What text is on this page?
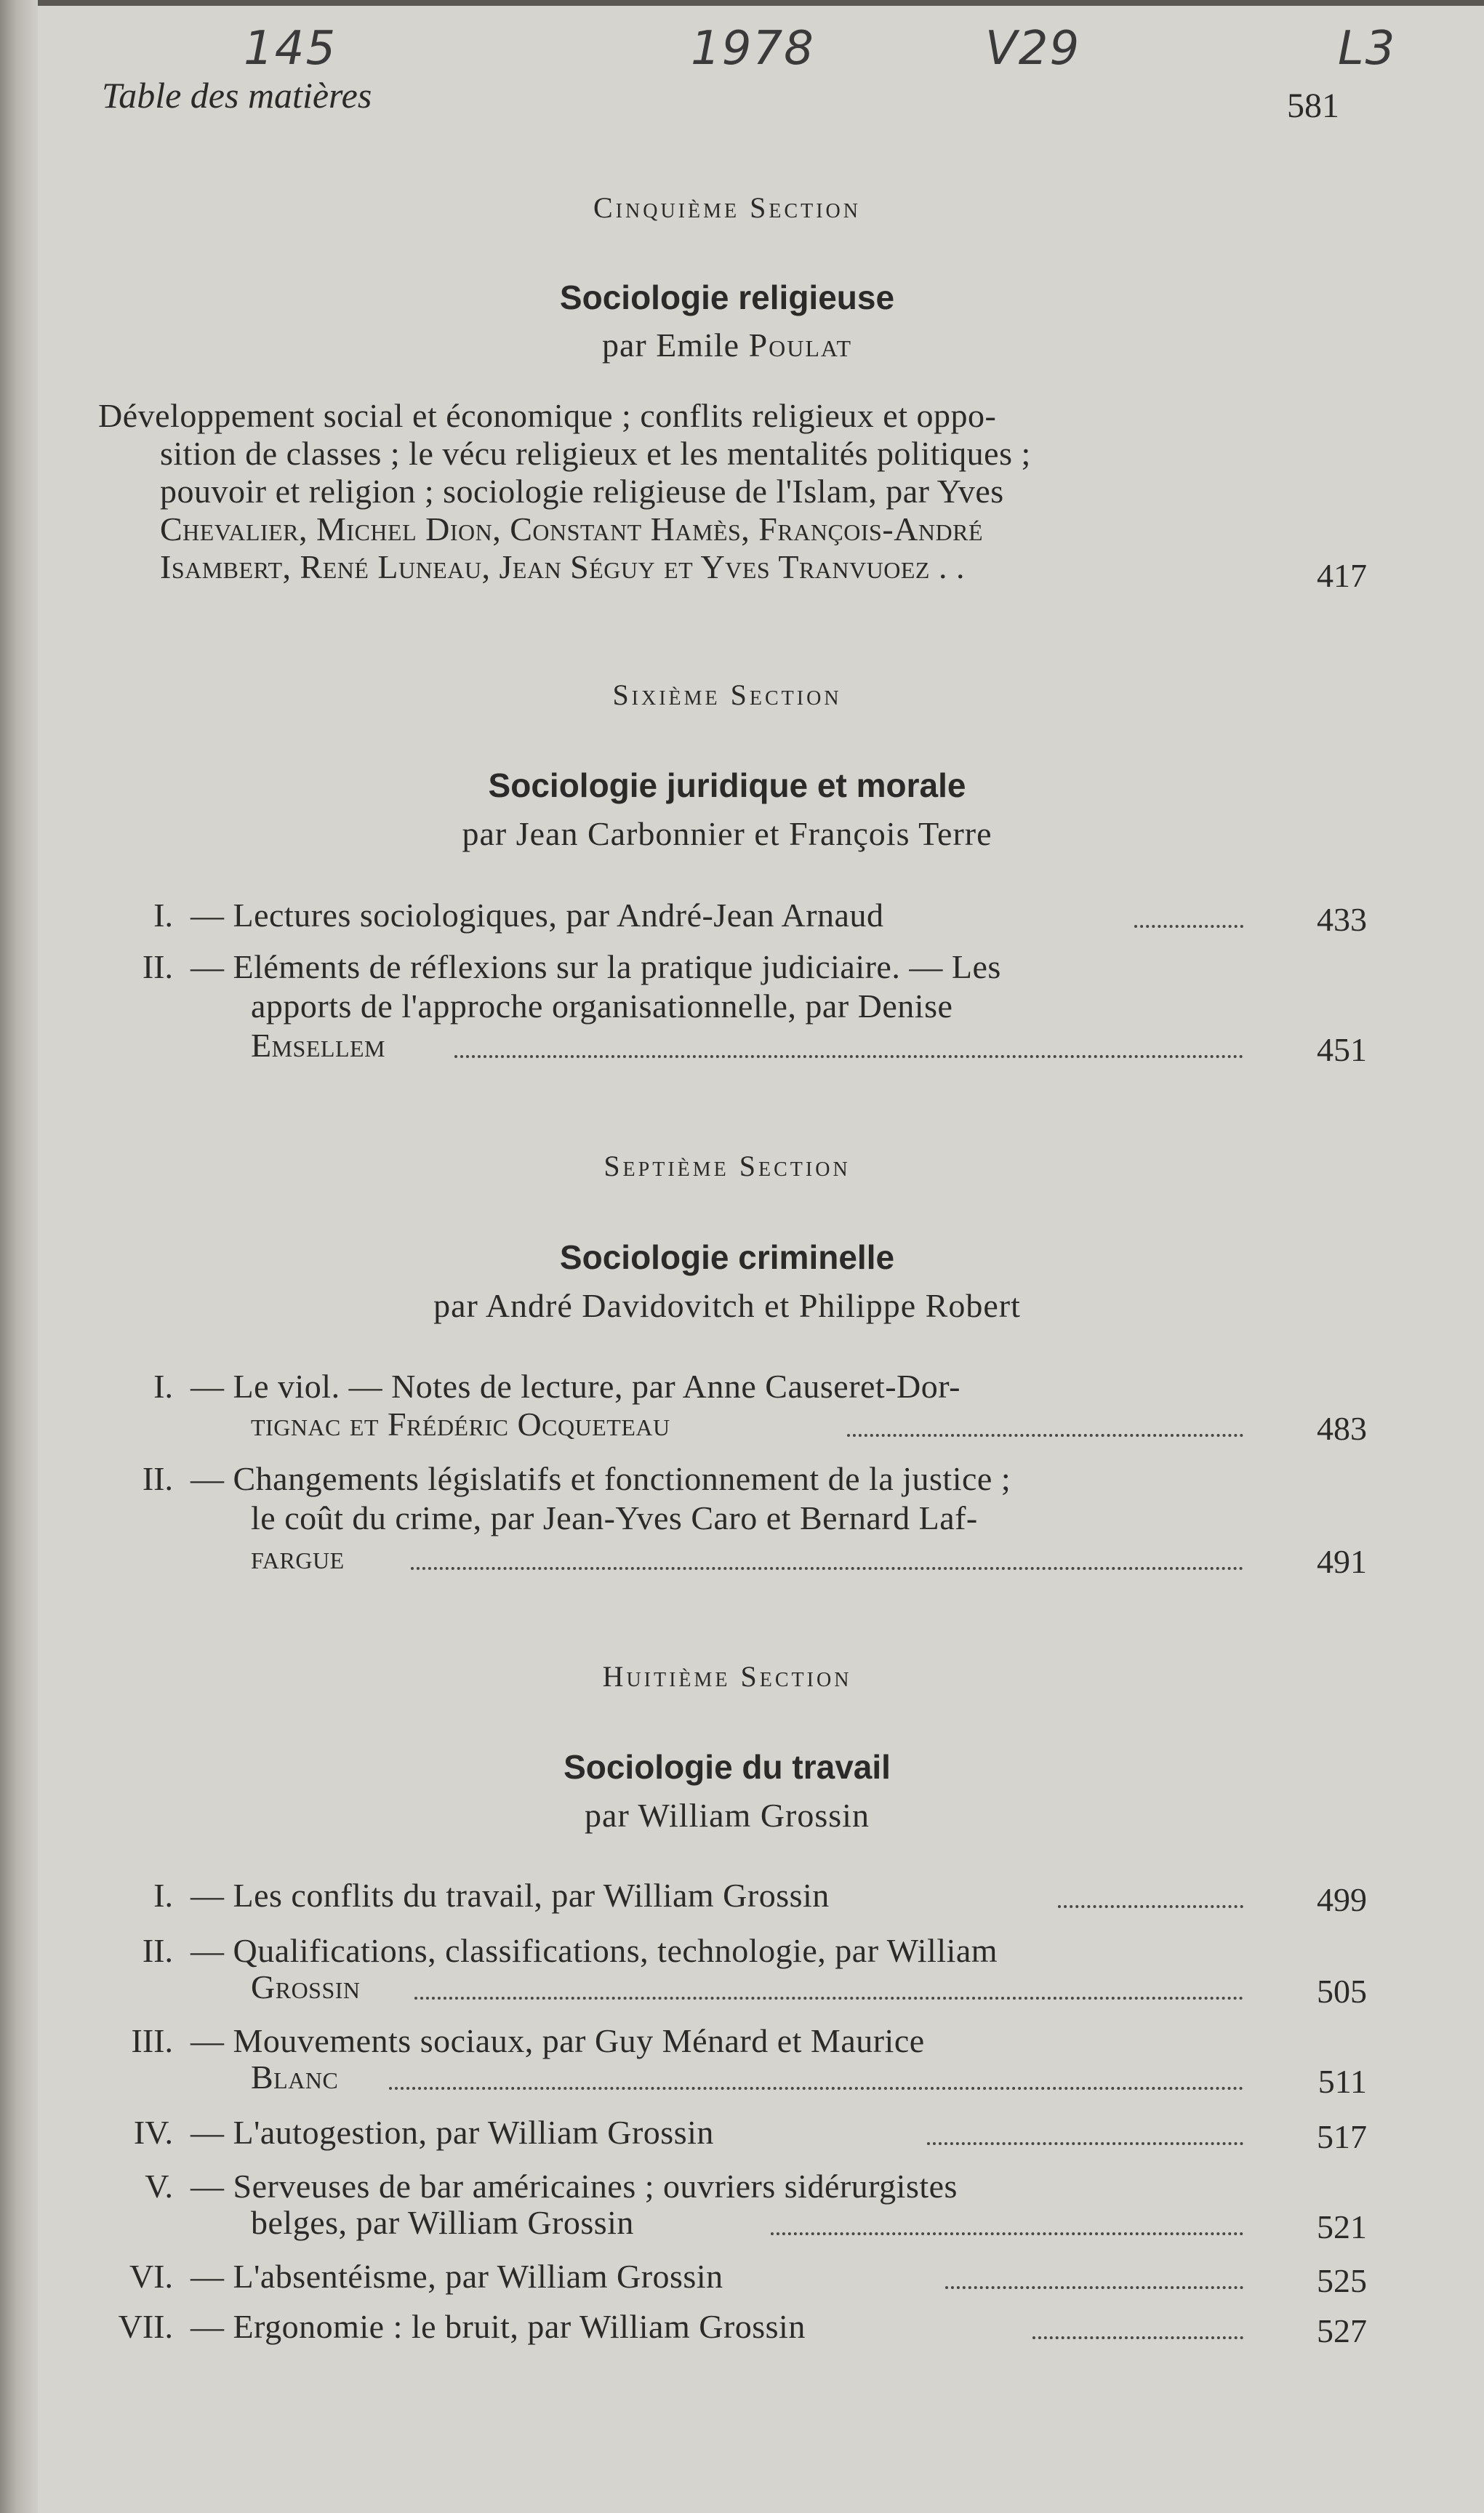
145	1978	V29	L3
Table des matières	581
Cinquième Section
Sociologie religieuse
par Emile Poulat
Développement social et économique ; conflits religieux et oppo-
sition de classes ; le vécu religieux et les mentalités politiques ;
pouvoir et religion ; sociologie religieuse de l'Islam, par Yves
Chevalier, Michel Dion, Constant Hamès, François-André
Isambert, René Luneau, Jean Séguy et Yves Tranvuoez . .	417
Sixième Section
Sociologie juridique et morale
par Jean Carbonnier et François Terre
I. — Lectures sociologiques, par André-Jean Arnaud	433
II. — Eléments de réflexions sur la pratique judiciaire. — Les
apports de l'approche organisationnelle, par Denise
Emsellem	451
Septième Section
Sociologie criminelle
par André Davidovitch et Philippe Robert
I. — Le viol. — Notes de lecture, par Anne Causeret-Dor-
tignac et Frédéric Ocqueteau	483
II. — Changements législatifs et fonctionnement de la justice ;
le coût du crime, par Jean-Yves Caro et Bernard Laf-
fargue	491
Huitième Section
Sociologie du travail
par William Grossin
I. — Les conflits du travail, par William Grossin	499
II. — Qualifications, classifications, technologie, par William
Grossin	505
III. — Mouvements sociaux, par Guy Ménard et Maurice
Blanc	511
IV. — L'autogestion, par William Grossin	517
V. — Serveuses de bar américaines ; ouvriers sidérurgistes
belges, par William Grossin	521
VI. — L'absentéisme, par William Grossin	525
VII. — Ergonomie : le bruit, par William Grossin	527
